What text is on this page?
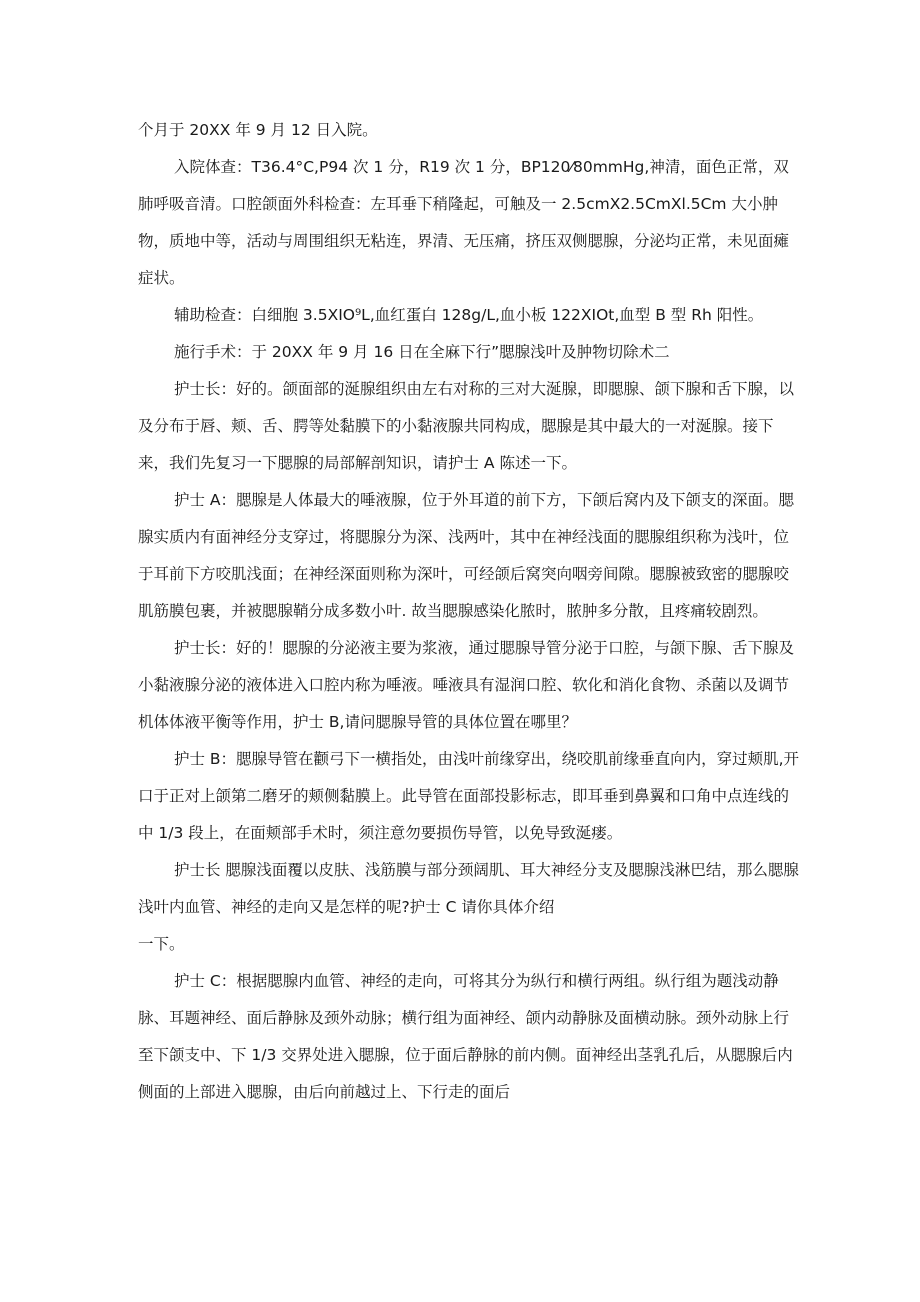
个月于 20XX 年 9 月 12 日入院。

入院体查：T36.4°C,P94 次 1 分，R19 次 1 分，BP120⁄80mmHg,神清，面色正常，双肺呼吸音清。口腔颌面外科检查：左耳垂下稍隆起，可触及一 2.5cmX2.5CmXl.5Cm 大小肿物，质地中等，活动与周围组织无粘连，界清、无压痛，挤压双侧腮腺，分泌均正常，未见面瘫症状。

辅助检查：白细胞 3.5XIO⁹L,血红蛋白 128g/L,血小板 122XIOt,血型 B 型 Rh 阳性。

施行手术：于 20XX 年 9 月 16 日在全麻下行”腮腺浅叶及肿物切除术二

护士长：好的。颌面部的涎腺组织由左右对称的三对大涎腺，即腮腺、颌下腺和舌下腺，以及分布于唇、颊、舌、腭等处黏膜下的小黏液腺共同构成，腮腺是其中最大的一对涎腺。接下来，我们先复习一下腮腺的局部解剖知识，请护士 A 陈述一下。

护士 A：腮腺是人体最大的唾液腺，位于外耳道的前下方，下颌后窝内及下颌支的深面。腮腺实质内有面神经分支穿过，将腮腺分为深、浅两叶，其中在神经浅面的腮腺组织称为浅叶，位于耳前下方咬肌浅面；在神经深面则称为深叶，可经颌后窝突向咽旁间隙。腮腺被致密的腮腺咬肌筋膜包裹，并被腮腺鞘分成多数小叶. 故当腮腺感染化脓时，脓肿多分散，且疼痛较剧烈。

护士长：好的！腮腺的分泌液主要为浆液，通过腮腺导管分泌于口腔，与颌下腺、舌下腺及小黏液腺分泌的液体进入口腔内称为唾液。唾液具有湿润口腔、软化和消化食物、杀菌以及调节机体体液平衡等作用，护士 B,请问腮腺导管的具体位置在哪里？

护士 B：腮腺导管在颧弓下一横指处，由浅叶前缘穿出，绕咬肌前缘垂直向内，穿过颊肌,开口于正对上颌第二磨牙的颊侧黏膜上。此导管在面部投影标志，即耳垂到鼻翼和口角中点连线的中 1/3 段上，在面颊部手术时，须注意勿要损伤导管，以免导致涎瘘。

护士长 腮腺浅面覆以皮肤、浅筋膜与部分颈阔肌、耳大神经分支及腮腺浅淋巴结，那么腮腺浅叶内血管、神经的走向又是怎样的呢?护士 C 请你具体介绍

一下。

护士 C：根据腮腺内血管、神经的走向，可将其分为纵行和横行两组。纵行组为题浅动静脉、耳题神经、面后静脉及颈外动脉；横行组为面神经、颌内动静脉及面横动脉。颈外动脉上行至下颌支中、下 1/3 交界处进入腮腺，位于面后静脉的前内侧。面神经出茎乳孔后，从腮腺后内侧面的上部进入腮腺，由后向前越过上、下行走的面后
